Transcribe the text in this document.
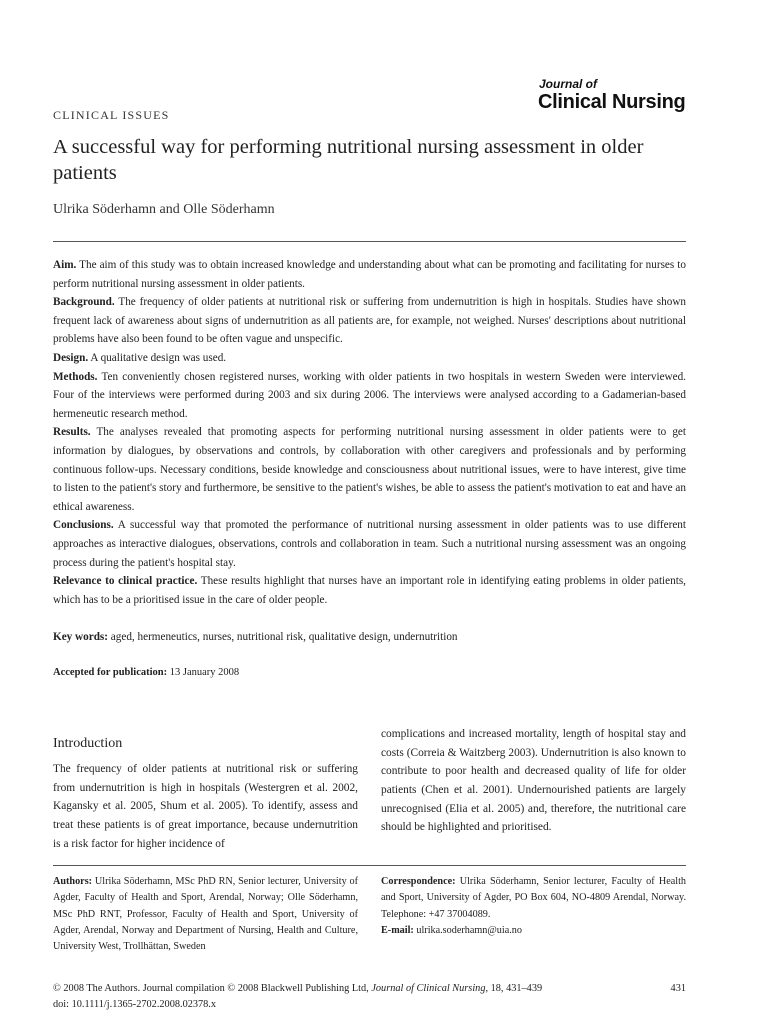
Journal of
Clinical Nursing
CLINICAL ISSUES
A successful way for performing nutritional nursing assessment in older patients
Ulrika Söderhamn and Olle Söderhamn

Aim. The aim of this study was to obtain increased knowledge and understanding about what can be promoting and facilitating for nurses to perform nutritional nursing assessment in older patients.

Background. The frequency of older patients at nutritional risk or suffering from undernutrition is high in hospitals. Studies have shown frequent lack of awareness about signs of undernutrition as all patients are, for example, not weighed. Nurses' descriptions about nutritional problems have also been found to be often vague and unspecific.

Design. A qualitative design was used.

Methods. Ten conveniently chosen registered nurses, working with older patients in two hospitals in western Sweden were interviewed. Four of the interviews were performed during 2003 and six during 2006. The interviews were analysed according to a Gadamerian-based hermeneutic research method.

Results. The analyses revealed that promoting aspects for performing nutritional nursing assessment in older patients were to get information by dialogues, by observations and controls, by collaboration with other caregivers and professionals and by performing continuous follow-ups. Necessary conditions, beside knowledge and consciousness about nutritional issues, were to have interest, give time to listen to the patient's story and furthermore, be sensitive to the patient's wishes, be able to assess the patient's motivation to eat and have an ethical awareness.

Conclusions. A successful way that promoted the performance of nutritional nursing assessment in older patients was to use different approaches as interactive dialogues, observations, controls and collaboration in team. Such a nutritional nursing assessment was an ongoing process during the patient's hospital stay.

Relevance to clinical practice. These results highlight that nurses have an important role in identifying eating problems in older patients, which has to be a prioritised issue in the care of older people.

Key words: aged, hermeneutics, nurses, nutritional risk, qualitative design, undernutrition
Accepted for publication: 13 January 2008
Introduction
The frequency of older patients at nutritional risk or suffering from undernutrition is high in hospitals (Westergren et al. 2002, Kagansky et al. 2005, Shum et al. 2005). To identify, assess and treat these patients is of great importance, because undernutrition is a risk factor for higher incidence of
complications and increased mortality, length of hospital stay and costs (Correia & Waitzberg 2003). Undernutrition is also known to contribute to poor health and decreased quality of life for older patients (Chen et al. 2001). Undernourished patients are largely unrecognised (Elia et al. 2005) and, therefore, the nutritional care should be highlighted and prioritised.
Authors: Ulrika Söderhamn, MSc PhD RN, Senior lecturer, University of Agder, Faculty of Health and Sport, Arendal, Norway; Olle Söderhamn, MSc PhD RNT, Professor, Faculty of Health and Sport, University of Agder, Arendal, Norway and Department of Nursing, Health and Culture, University West, Trollhättan, Sweden
Correspondence: Ulrika Söderhamn, Senior lecturer, Faculty of Health and Sport, University of Agder, PO Box 604, NO-4809 Arendal, Norway. Telephone: +47 37004089.
E-mail: ulrika.soderhamn@uia.no
© 2008 The Authors. Journal compilation © 2008 Blackwell Publishing Ltd, Journal of Clinical Nursing, 18, 431–439
doi: 10.1111/j.1365-2702.2008.02378.x
431
